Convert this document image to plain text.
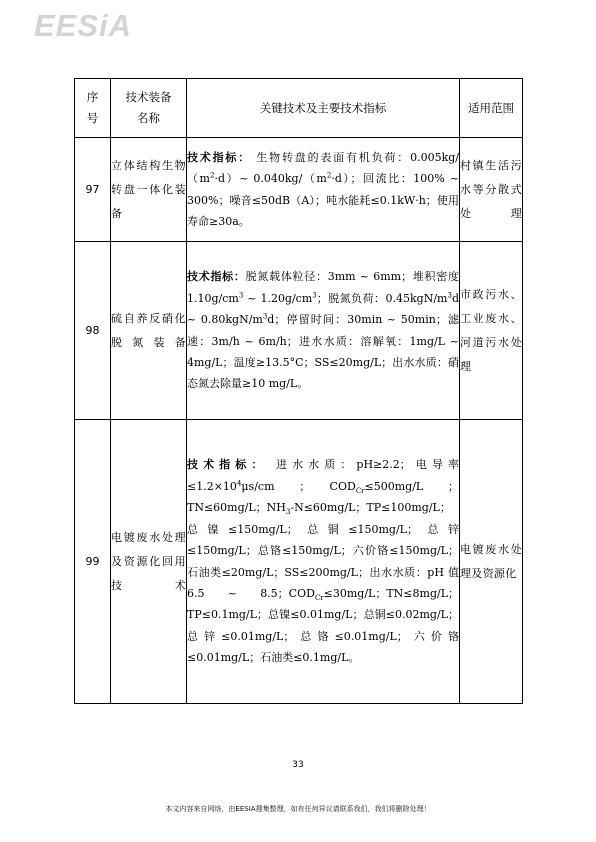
EESiA
序号	技术装备名称	关键技术及主要技术指标	适用范围
97	立体结构生物转盘一体化装备	技术指标： 生物转盘的表面有机负荷：$0.005kg/(m^2\cdot d)\sim$ $0.040kg/(m^2\cdot d)$；回流比：100% ~ 300%；噪音≤50dB（A）；吨水能耗≤0.1kW·h；使用寿命≥30a。	村镇生活污水等分散式处理
98	硫自养反硝化脱氮装备	技术指标：脱氮载体粒径：3mm ~ 6mm；堆积密度 $1.10g/cm^3$ ~ $1.20g/cm^3$；脱氮负荷：$0.45kgN/m^3d$ ~ $0.80kgN/m^3d$；停留时间：30min ~ 50min；滤速：3m/h ~ 6m/h；进水水质：溶解氧：1mg/L ~ 4mg/L；温度≥13.5°C；SS≤20mg/L；出水水质：硝态氮去除量≥10 mg/L。	市政污水、工业废水、河道污水处理
99	电镀废水处理及资源化回用技术	技术指标： 进水水质：pH≥2.2；电导率$\le 1.2\times 10^4\mu s/cm$　；　$COD_{Cr}\le 500mg/L$　；TN≤60mg/L；$NH_3-N\le 60mg/L$；TP≤100mg/L；总镍≤150mg/L；总铜≤150mg/L；总锌≤150mg/L；总铬≤150mg/L；六价铬≤150mg/L；石油类≤20mg/L；SS≤200mg/L；出水水质：pH 值 6.5 ~ 8.5；$COD_{Cr}\le 30mg/L$；TN≤8mg/L；TP≤0.1mg/L；总镍≤0.01mg/L；总铜≤0.02mg/L；总锌≤0.01mg/L；总铬≤0.01mg/L；六价铬≤0.01mg/L；石油类≤0.1mg/L。	电镀废水处理及资源化
33
本文内容来自网络，由EESIA搜集整理，如有任何异议请联系我们，我们将删除处理！
